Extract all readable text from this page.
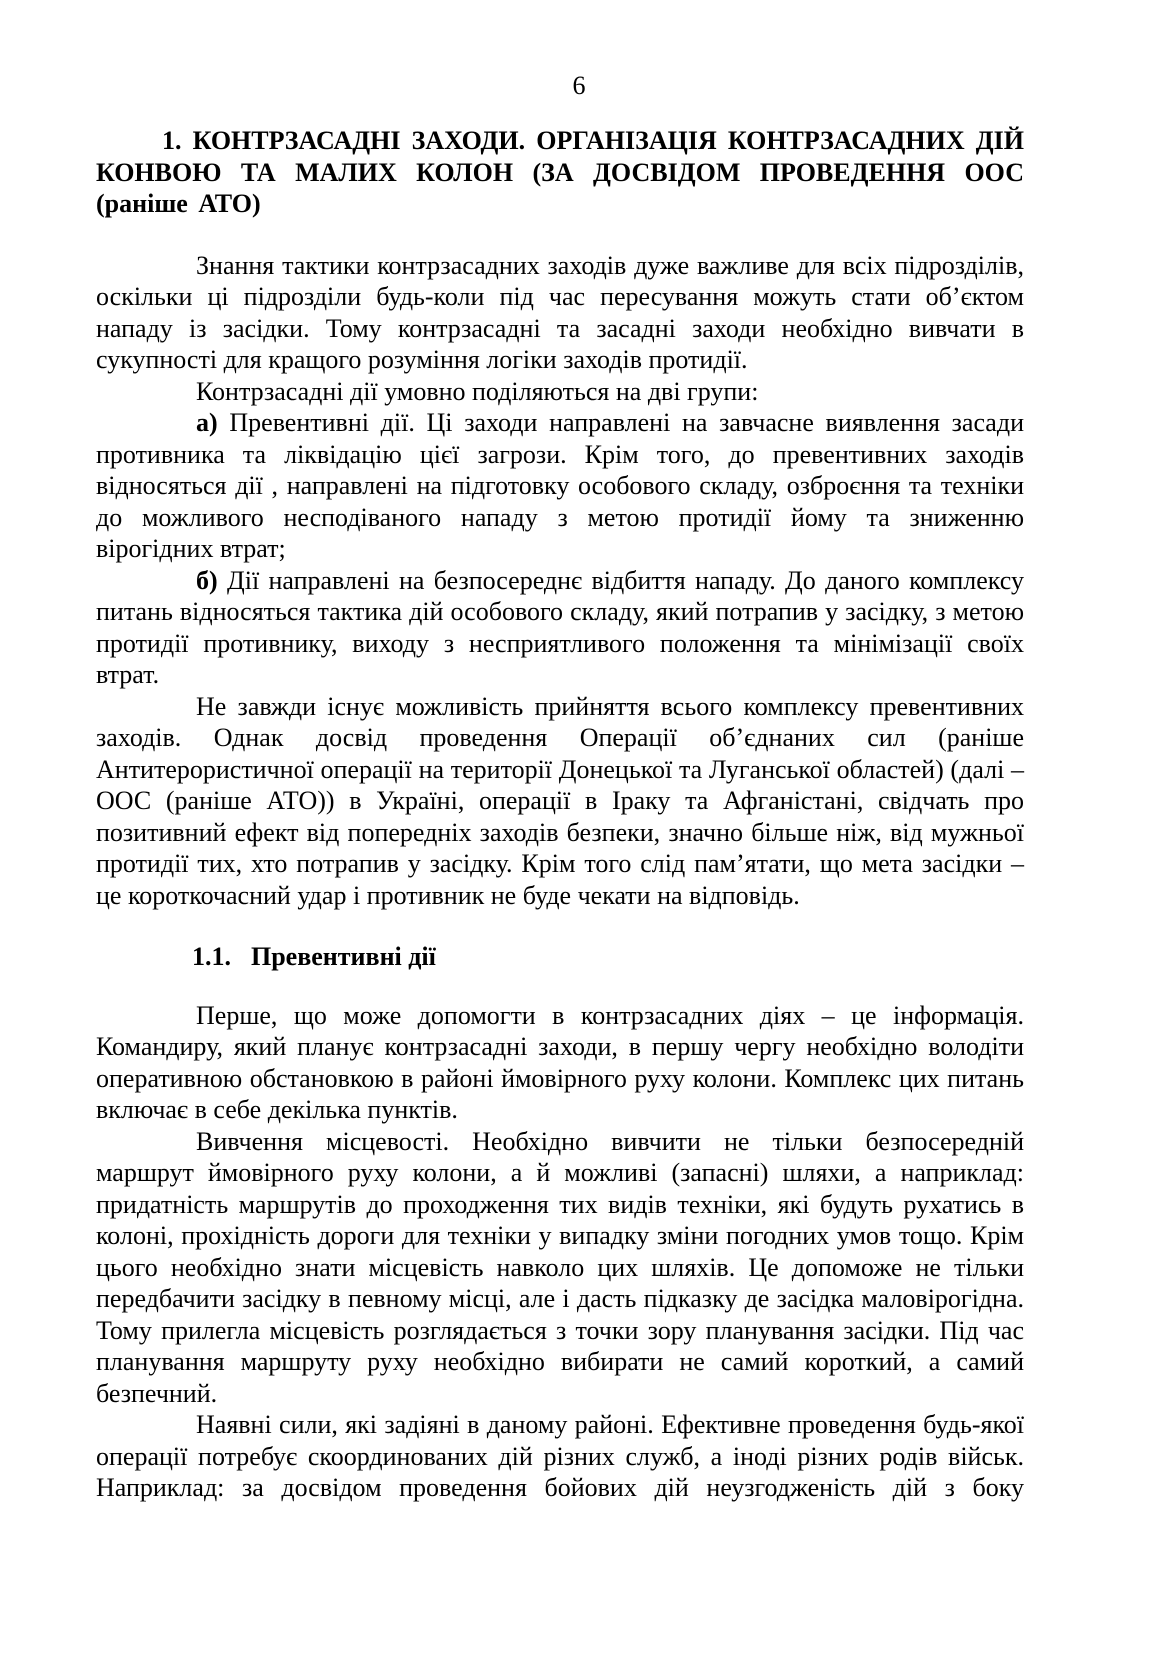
6
1. КОНТРЗАСАДНІ ЗАХОДИ. ОРГАНІЗАЦІЯ КОНТРЗАСАДНИХ ДІЙ КОНВОЮ ТА МАЛИХ КОЛОН (ЗА ДОСВІДОМ ПРОВЕДЕННЯ ООС (раніше АТО)

Знання тактики контрзасадних заходів дуже важливе для всіх підрозділів, оскільки ці підрозділи будь-коли під час пересування можуть стати об’єктом нападу із засідки. Тому контрзасадні та засадні заходи необхідно вивчати в сукупності для кращого розуміння логіки заходів протидії.

Контрзасадні дії умовно поділяються на дві групи:

а) Превентивні дії. Ці заходи направлені на завчасне виявлення засади противника та ліквідацію цієї загрози. Крім того, до превентивних заходів відносяться дії , направлені на підготовку особового складу, озброєння та техніки до можливого несподіваного нападу з метою протидії йому та зниженню вірогідних втрат;

б) Дії направлені на безпосереднє відбиття нападу. До даного комплексу питань відносяться тактика дій особового складу, який потрапив у засідку, з метою протидії противнику, виходу з несприятливого положення та мінімізації своїх втрат.

Не завжди існує можливість прийняття всього комплексу превентивних заходів. Однак досвід проведення Операції об’єднаних сил (раніше Антитерористичної операції на території Донецької та Луганської областей) (далі – ООС (раніше АТО)) в Україні, операції в Іраку та Афганістані, свідчать про позитивний ефект від попередніх заходів безпеки, значно більше ніж, від мужньої протидії тих, хто потрапив у засідку. Крім того слід пам’ятати, що мета засідки – це короткочасний удар і противник не буде чекати на відповідь.

1.1. Превентивні дії

Перше, що може допомогти в контрзасадних діях – це інформація. Командиру, який планує контрзасадні заходи, в першу чергу необхідно володіти оперативною обстановкою в районі ймовірного руху колони. Комплекс цих питань включає в себе декілька пунктів.

Вивчення місцевості. Необхідно вивчити не тільки безпосередній маршрут ймовірного руху колони, а й можливі (запасні) шляхи, а наприклад: придатність маршрутів до проходження тих видів техніки, які будуть рухатись в колоні, прохідність дороги для техніки у випадку зміни погодних умов тощо. Крім цього необхідно знати місцевість навколо цих шляхів. Це допоможе не тільки передбачити засідку в певному місці, але і дасть підказку де засідка маловірогідна. Тому прилегла місцевість розглядається з точки зору планування засідки. Під час планування маршруту руху необхідно вибирати не самий короткий, а самий безпечний.

Наявні сили, які задіяні в даному районі. Ефективне проведення будь-якої операції потребує скоординованих дій різних служб, а іноді різних родів військ. Наприклад: за досвідом проведення бойових дій неузгодженість дій з боку
